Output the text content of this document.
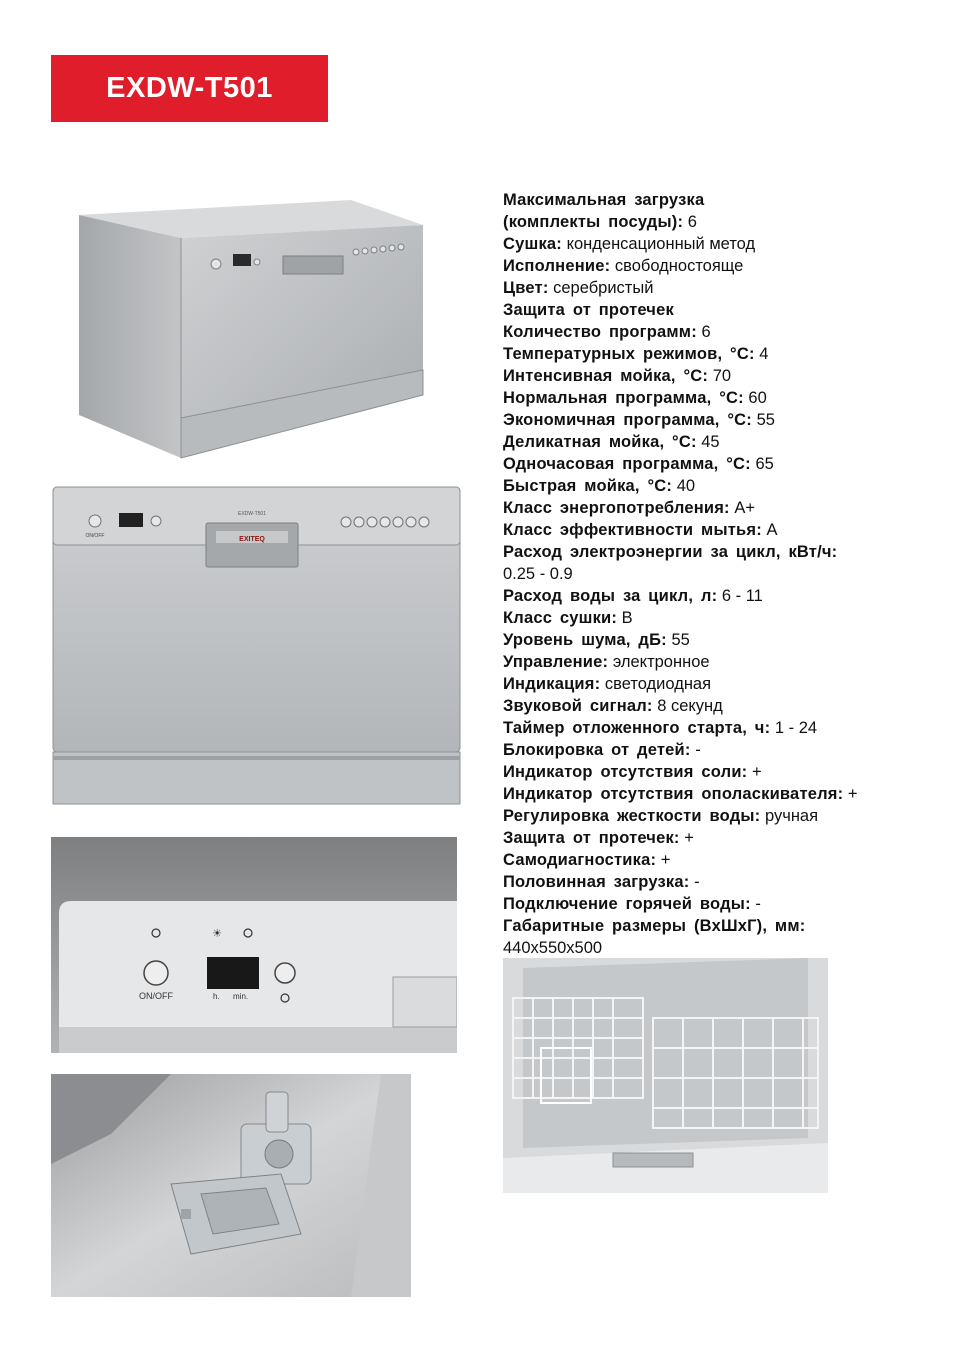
EXDW-T501
EXITEQ
EXDW-T501
ON/OFF
ON/OFF
☀
h. min.
Максимальная загрузка
(комплекты посуды): 6
Сушка: конденсационный метод
Исполнение: свободностояще
Цвет: серебристый
Защита от протечек
Количество программ: 6
Температурных режимов, °С: 4
Интенсивная мойка, °С: 70
Нормальная программа, °С: 60
Экономичная программа, °С: 55
Деликатная мойка, °С: 45
Одночасовая программа, °С: 65
Быстрая мойка, °С: 40
Класс энергопотребления: А+
Класс эффективности мытья: А
Расход электроэнергии за цикл, кВт/ч:
0.25 - 0.9
Расход воды за цикл, л: 6 - 11
Класс сушки: В
Уровень шума, дБ: 55
Управление: электронное
Индикация: светодиодная
Звуковой сигнал: 8 секунд
Таймер отложенного старта, ч: 1 - 24
Блокировка от детей: -
Индикатор отсутствия соли: +
Индикатор отсутствия ополаскивателя: +
Регулировка жесткости воды: ручная
Защита от протечек: +
Самодиагностика: +
Половинная загрузка: -
Подключение горячей воды: -
Габаритные размеры (ВхШхГ), мм:
440x550x500
